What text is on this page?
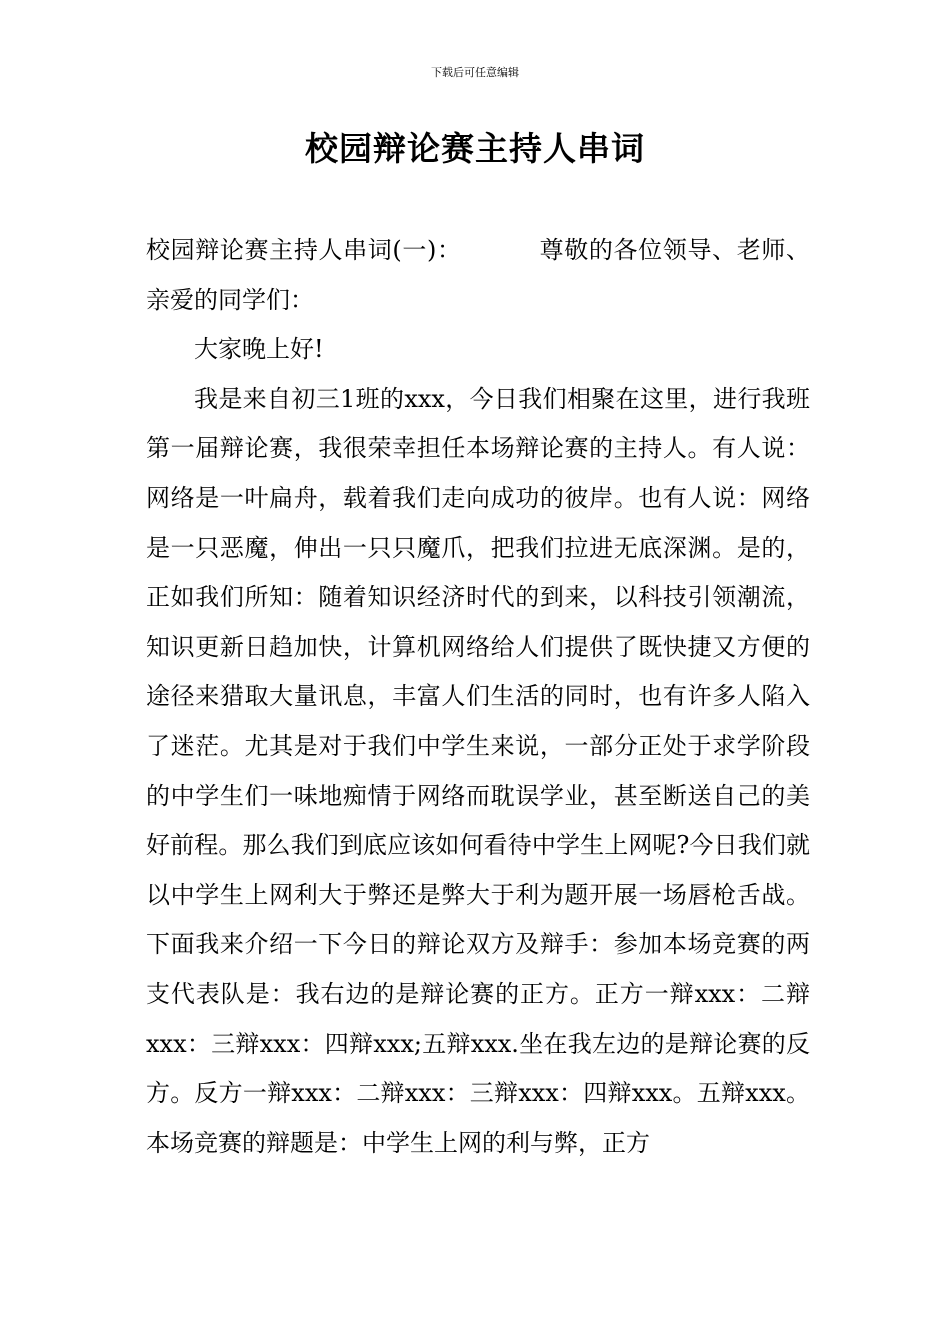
下载后可任意编辑
校园辩论赛主持人串词

校园辩论赛主持人串词(一)：	尊敬的各位领导、老师、亲爱的同学们：

大家晚上好!

我是来自初三1班的xxx，今日我们相聚在这里，进行我班第一届辩论赛，我很荣幸担任本场辩论赛的主持人。有人说：网络是一叶扁舟，载着我们走向成功的彼岸。也有人说：网络是一只恶魔，伸出一只只魔爪，把我们拉进无底深渊。是的，正如我们所知：随着知识经济时代的到来，以科技引领潮流，知识更新日趋加快，计算机网络给人们提供了既快捷又方便的途径来猎取大量讯息，丰富人们生活的同时，也有许多人陷入了迷茫。尤其是对于我们中学生来说，一部分正处于求学阶段的中学生们一味地痴情于网络而耽误学业，甚至断送自己的美好前程。那么我们到底应该如何看待中学生上网呢?今日我们就以中学生上网利大于弊还是弊大于利为题开展一场唇枪舌战。下面我来介绍一下今日的辩论双方及辩手：参加本场竞赛的两支代表队是：我右边的是辩论赛的正方。正方一辩xxx：二辩xxx：三辩xxx：四辩xxx;五辩xxx.坐在我左边的是辩论赛的反方。反方一辩xxx：二辩xxx：三辩xxx：四辩xxx。五辩xxx。 本场竞赛的辩题是：中学生上网的利与弊，正方
